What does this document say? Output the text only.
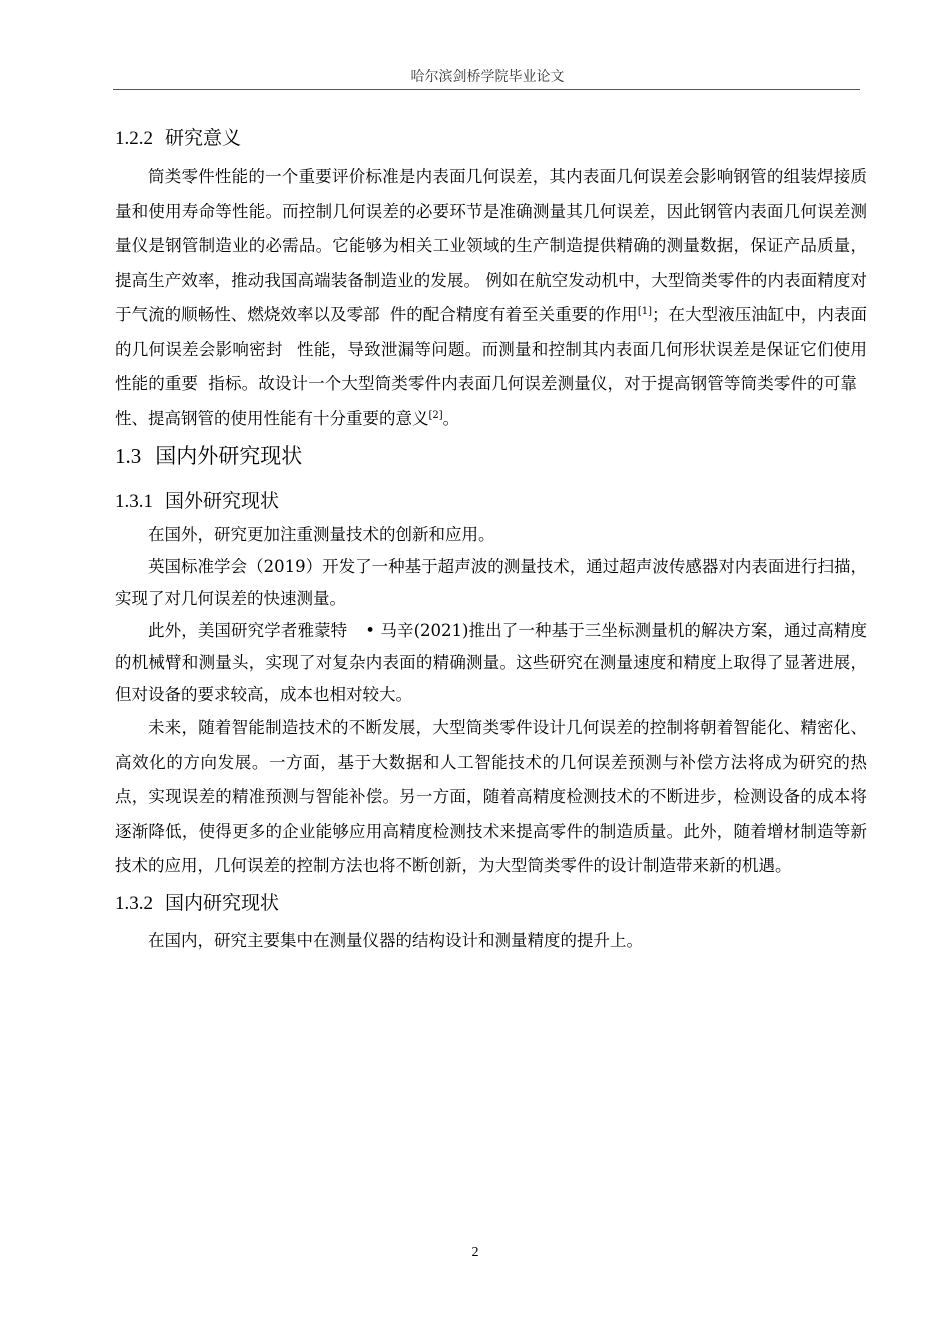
哈尔滨剑桥学院毕业论文
1.2.2 研究意义

筒类零件性能的一个重要评价标准是内表面几何误差，其内表面几何误差会影响钢管的组装焊接质量和使用寿命等性能。而控制几何误差的必要环节是准确测量其几何误差，因此钢管内表面几何误差测量仪是钢管制造业的必需品。它能够为相关工业领域的生产制造提供精确的测量数据，保证产品质量，提高生产效率，推动我国高端装备制造业的发展。 例如在航空发动机中，大型筒类零件的内表面精度对于气流的顺畅性、燃烧效率以及零部 件的配合精度有着至关重要的作用[1]；在大型液压油缸中，内表面的几何误差会影响密封 性能，导致泄漏等问题。而测量和控制其内表面几何形状误差是保证它们使用性能的重要 指标。故设计一个大型筒类零件内表面几何误差测量仪，对于提高钢管等筒类零件的可靠性、提高钢管的使用性能有十分重要的意义[2]。

1.3 国内外研究现状
1.3.1 国外研究现状

在国外，研究更加注重测量技术的创新和应用。

英国标准学会（2019）开发了一种基于超声波的测量技术，通过超声波传感器对内表面进行扫描，实现了对几何误差的快速测量。

此外，美国研究学者雅蒙特 • 马辛(2021)推出了一种基于三坐标测量机的解决方案，通过高精度的机械臂和测量头，实现了对复杂内表面的精确测量。这些研究在测量速度和精度上取得了显著进展，但对设备的要求较高，成本也相对较大。

未来，随着智能制造技术的不断发展，大型筒类零件设计几何误差的控制将朝着智能化、精密化、高效化的方向发展。一方面，基于大数据和人工智能技术的几何误差预测与补偿方法将成为研究的热点，实现误差的精准预测与智能补偿。另一方面，随着高精度检测技术的不断进步，检测设备的成本将逐渐降低，使得更多的企业能够应用高精度检测技术来提高零件的制造质量。此外，随着增材制造等新技术的应用，几何误差的控制方法也将不断创新，为大型筒类零件的设计制造带来新的机遇。

1.3.2 国内研究现状

在国内，研究主要集中在测量仪器的结构设计和测量精度的提升上。

2
